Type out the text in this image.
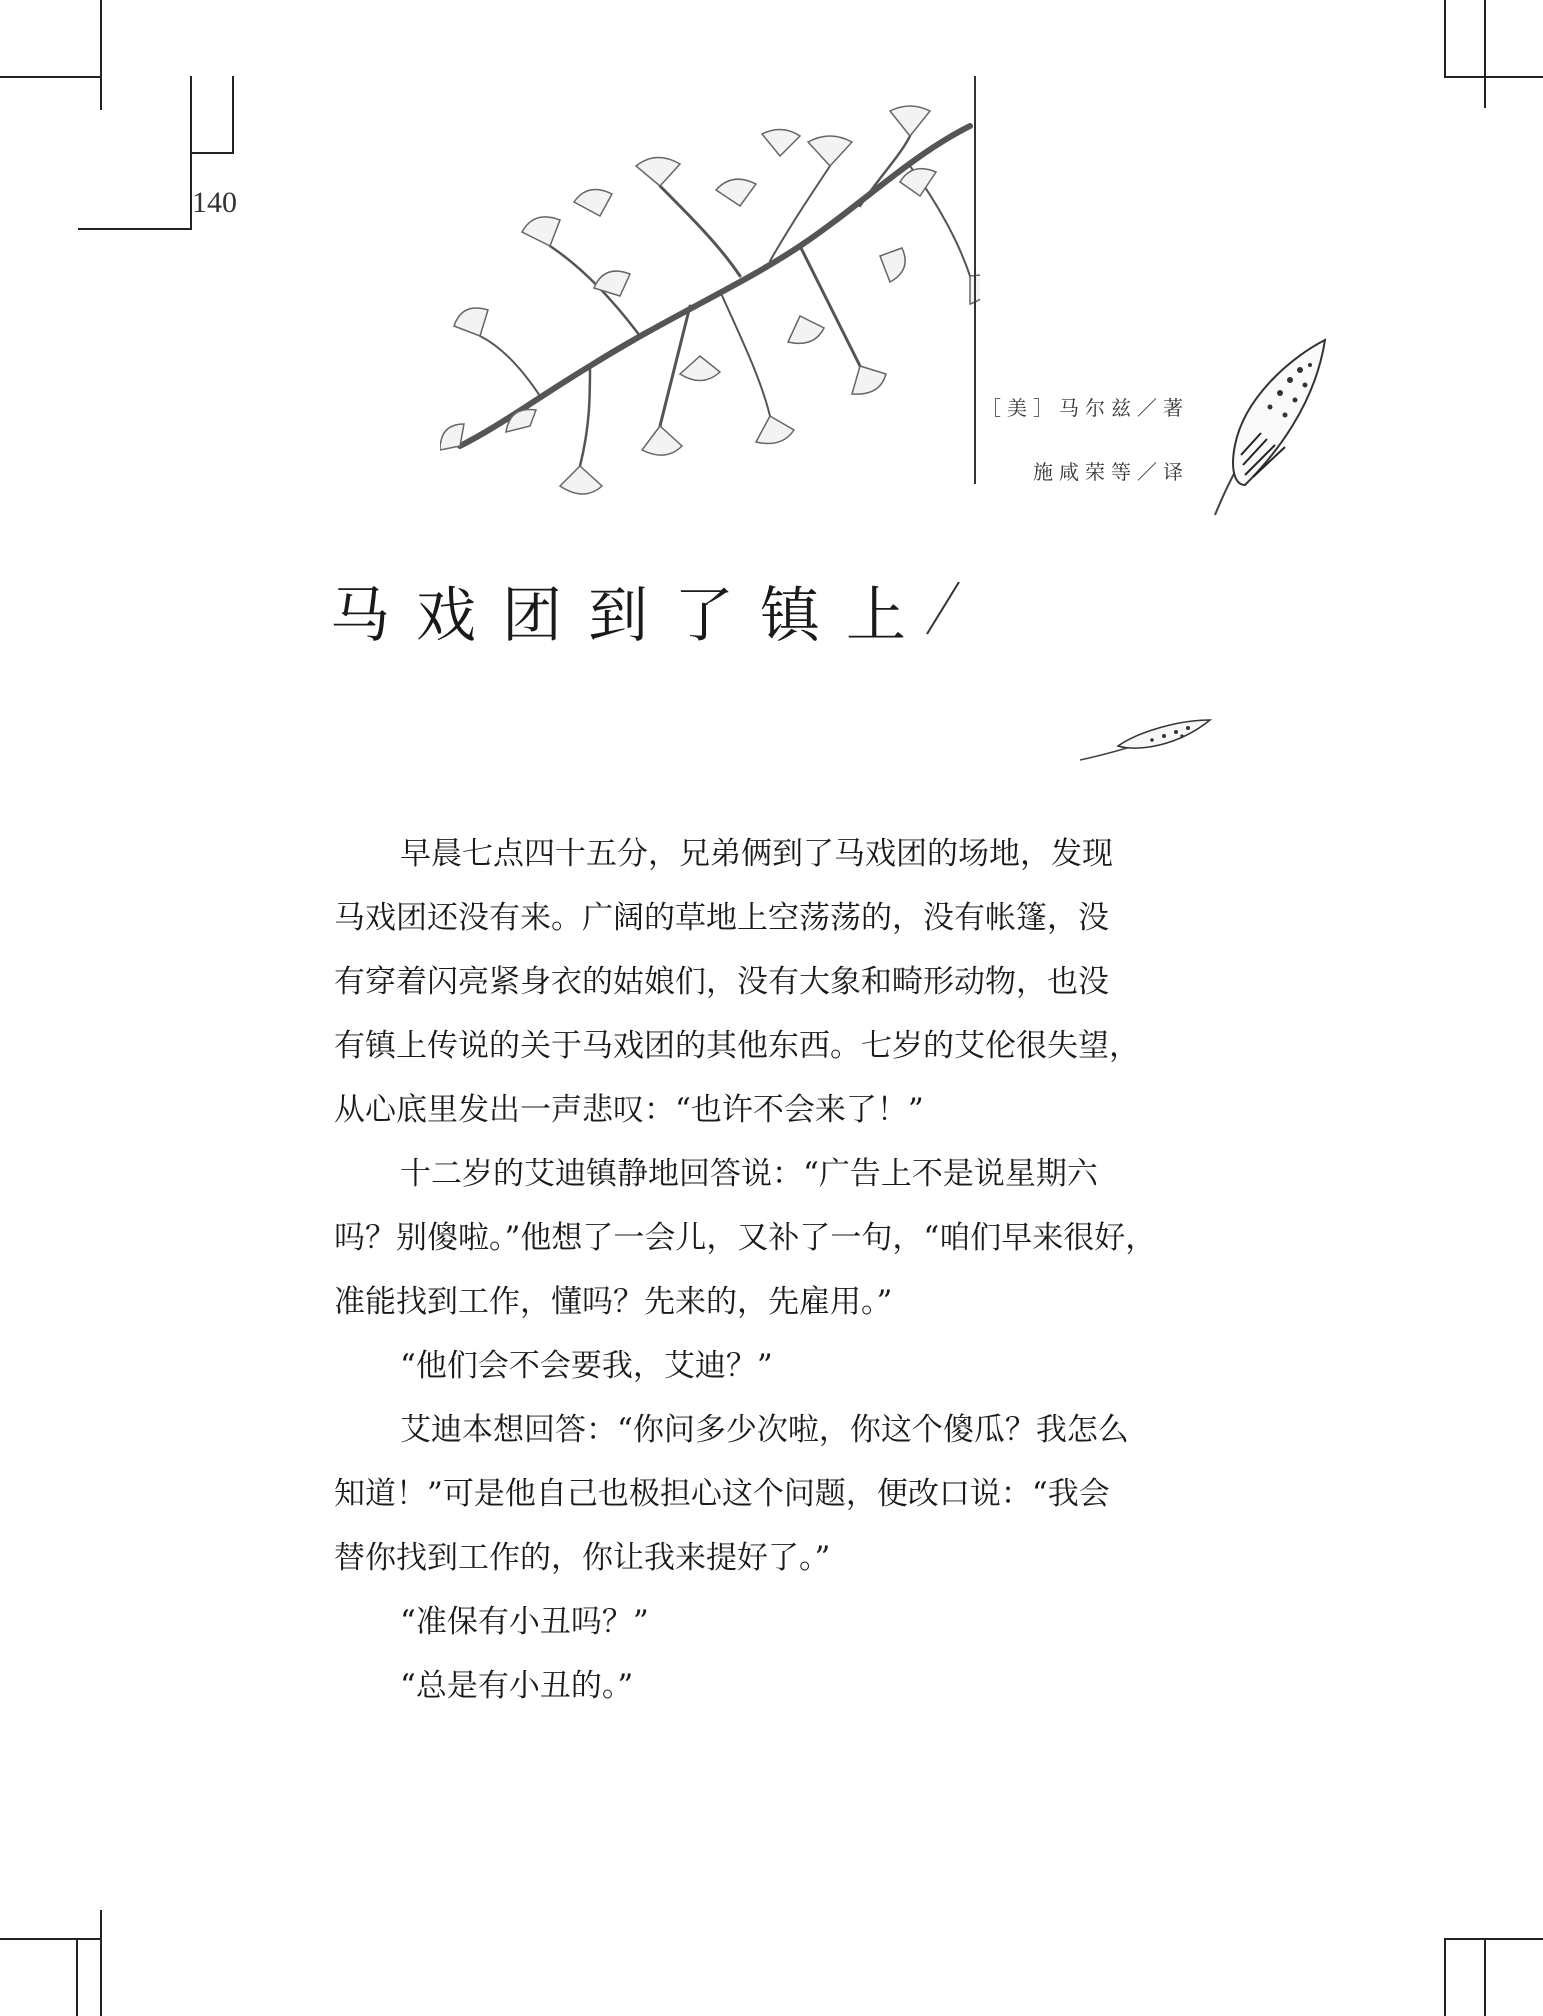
140
［美］马尔兹／著
施咸荣等／译
马戏团到了镇上

早晨七点四十五分，兄弟俩到了马戏团的场地，发现
马戏团还没有来。广阔的草地上空荡荡的，没有帐篷，没
有穿着闪亮紧身衣的姑娘们，没有大象和畸形动物，也没
有镇上传说的关于马戏团的其他东西。七岁的艾伦很失望，
从心底里发出一声悲叹：“也许不会来了！”

十二岁的艾迪镇静地回答说：“广告上不是说星期六
吗？别傻啦。”他想了一会儿，又补了一句，“咱们早来很好，
准能找到工作，懂吗？先来的，先雇用。”

“他们会不会要我，艾迪？”

艾迪本想回答：“你问多少次啦，你这个傻瓜？我怎么
知道！”可是他自己也极担心这个问题，便改口说：“我会
替你找到工作的，你让我来提好了。”

“准保有小丑吗？”

“总是有小丑的。”
